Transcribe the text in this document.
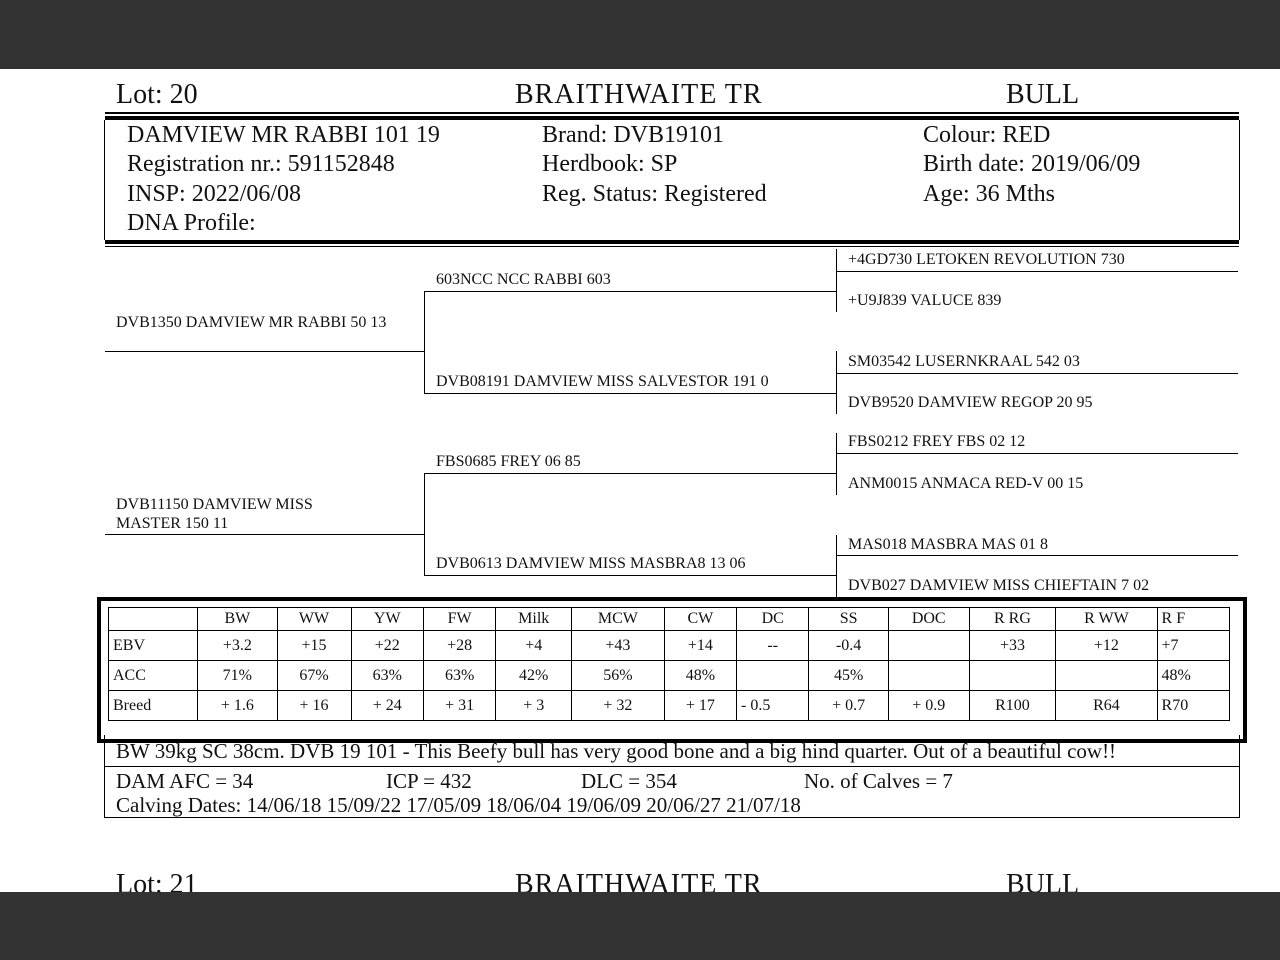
Lot: 20	BRAITHWAITE TR	BULL
DAMVIEW MR RABBI 101 19
Registration nr.: 591152848
INSP: 2022/06/08
DNA Profile:
Brand: DVB19101
Herdbook: SP
Reg. Status: Registered
Colour: RED
Birth date: 2019/06/09
Age: 36 Mths
DVB1350 DAMVIEW MR RABBI 50 13
DVB11150 DAMVIEW MISS MASTER 150 11
603NCC NCC RABBI 603
DVB08191 DAMVIEW MISS SALVESTOR 191 0
FBS0685 FREY 06 85
DVB0613 DAMVIEW MISS MASBRA8 13 06
+4GD730 LETOKEN REVOLUTION 730
+U9J839 VALUCE 839
SM03542 LUSERNKRAAL 542 03
DVB9520 DAMVIEW REGOP 20 95
FBS0212 FREY FBS 02 12
ANM0015 ANMACA RED-V 00 15
MAS018 MASBRA MAS 01 8
DVB027 DAMVIEW MISS CHIEFTAIN 7 02
	BW	WW	YW	FW	Milk	MCW	CW	DC	SS	DOC	R RG	R WW	R F
EBV	+3.2	+15	+22	+28	+4	+43	+14	--	-0.4		+33	+12	+7
ACC	71%	67%	63%	63%	42%	56%	48%		45%				48%
Breed	+ 1.6	+ 16	+ 24	+ 31	+ 3	+ 32	+ 17	- 0.5	+ 0.7	+ 0.9	R100	R64	R70
BW 39kg SC 38cm. DVB 19 101 - This Beefy bull has very good bone and a big hind quarter. Out of a beautiful cow!!
DAM AFC = 34	ICP = 432	DLC = 354	No. of Calves = 7
Calving Dates: 14/06/18 15/09/22 17/05/09 18/06/04 19/06/09 20/06/27 21/07/18
Lot: 21	BRAITHWAITE TR	BULL
